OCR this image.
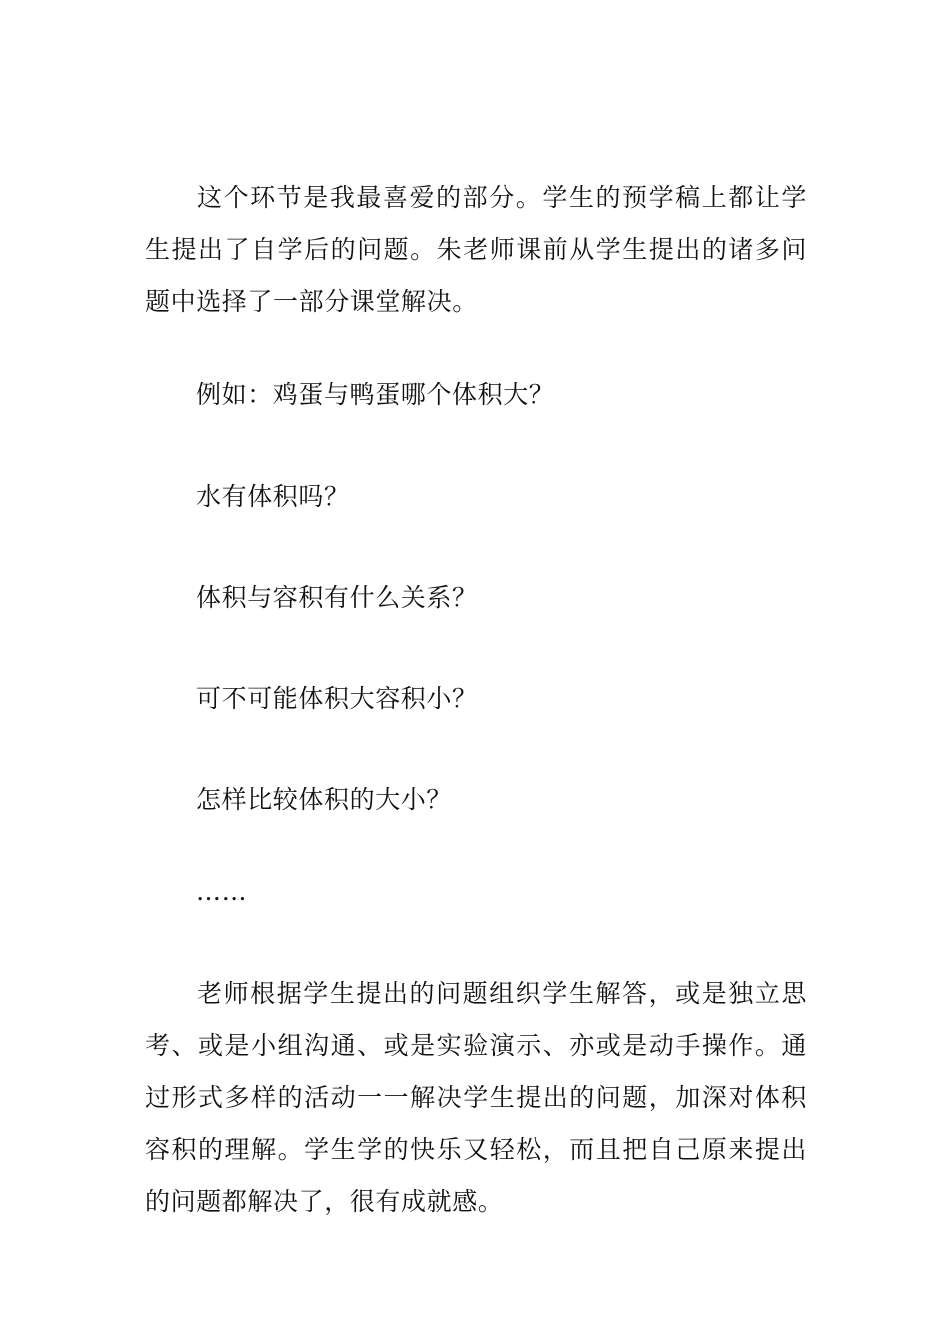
这个环节是我最喜爱的部分。学生的预学稿上都让学生提出了自学后的问题。朱老师课前从学生提出的诸多问题中选择了一部分课堂解决。

例如：鸡蛋与鸭蛋哪个体积大？

水有体积吗？

体积与容积有什么关系？

可不可能体积大容积小？

怎样比较体积的大小？

……

老师根据学生提出的问题组织学生解答，或是独立思考、或是小组沟通、或是实验演示、亦或是动手操作。通过形式多样的活动一一解决学生提出的问题，加深对体积容积的理解。学生学的快乐又轻松，而且把自己原来提出的问题都解决了，很有成就感。
